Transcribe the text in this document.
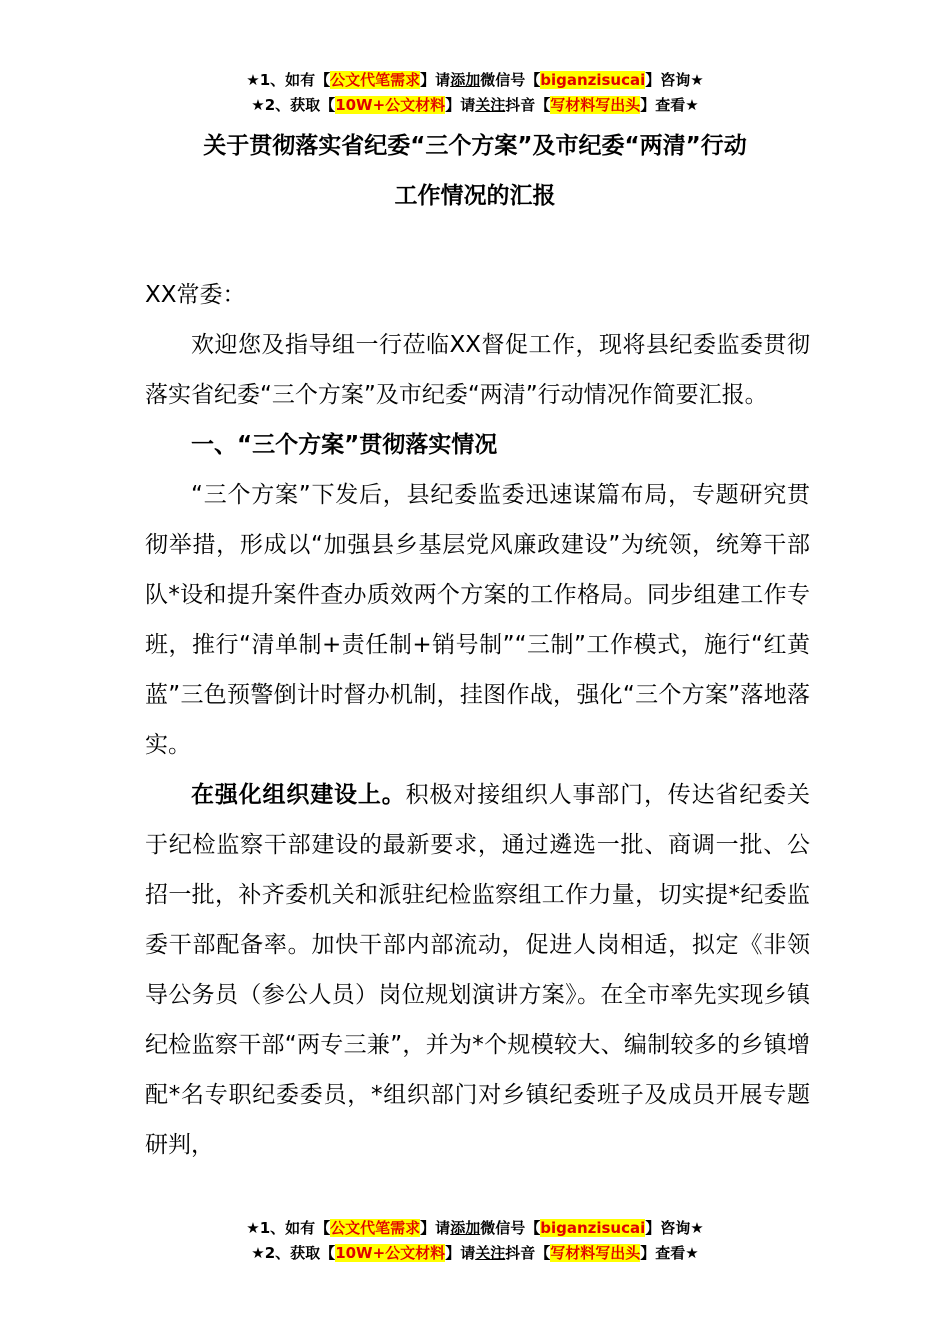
★1、如有【公文代笔需求】请添加微信号【biganzisucai】咨询★
★2、获取【10W+公文材料】请关注抖音【写材料写出头】查看★
关于贯彻落实省纪委“三个方案”及市纪委“两清”行动
工作情况的汇报

XX常委：

欢迎您及指导组一行莅临XX督促工作，现将县纪委监委贯彻落实省纪委“三个方案”及市纪委“两清”行动情况作简要汇报。

一、“三个方案”贯彻落实情况

“三个方案”下发后，县纪委监委迅速谋篇布局，专题研究贯彻举措，形成以“加强县乡基层党风廉政建设”为统领，统筹干部队*设和提升案件查办质效两个方案的工作格局。同步组建工作专班，推行“清单制+责任制+销号制”“三制”工作模式，施行“红黄蓝”三色预警倒计时督办机制，挂图作战，强化“三个方案”落地落实。

在强化组织建设上。积极对接组织人事部门，传达省纪委关于纪检监察干部建设的最新要求，通过遴选一批、商调一批、公招一批，补齐委机关和派驻纪检监察组工作力量，切实提*纪委监委干部配备率。加快干部内部流动，促进人岗相适，拟定《非领导公务员（参公人员）岗位规划演讲方案》。在全市率先实现乡镇纪检监察干部“两专三兼”，并为*个规模较大、编制较多的乡镇增配*名专职纪委委员，*组织部门对乡镇纪委班子及成员开展专题研判，

★1、如有【公文代笔需求】请添加微信号【biganzisucai】咨询★
★2、获取【10W+公文材料】请关注抖音【写材料写出头】查看★
